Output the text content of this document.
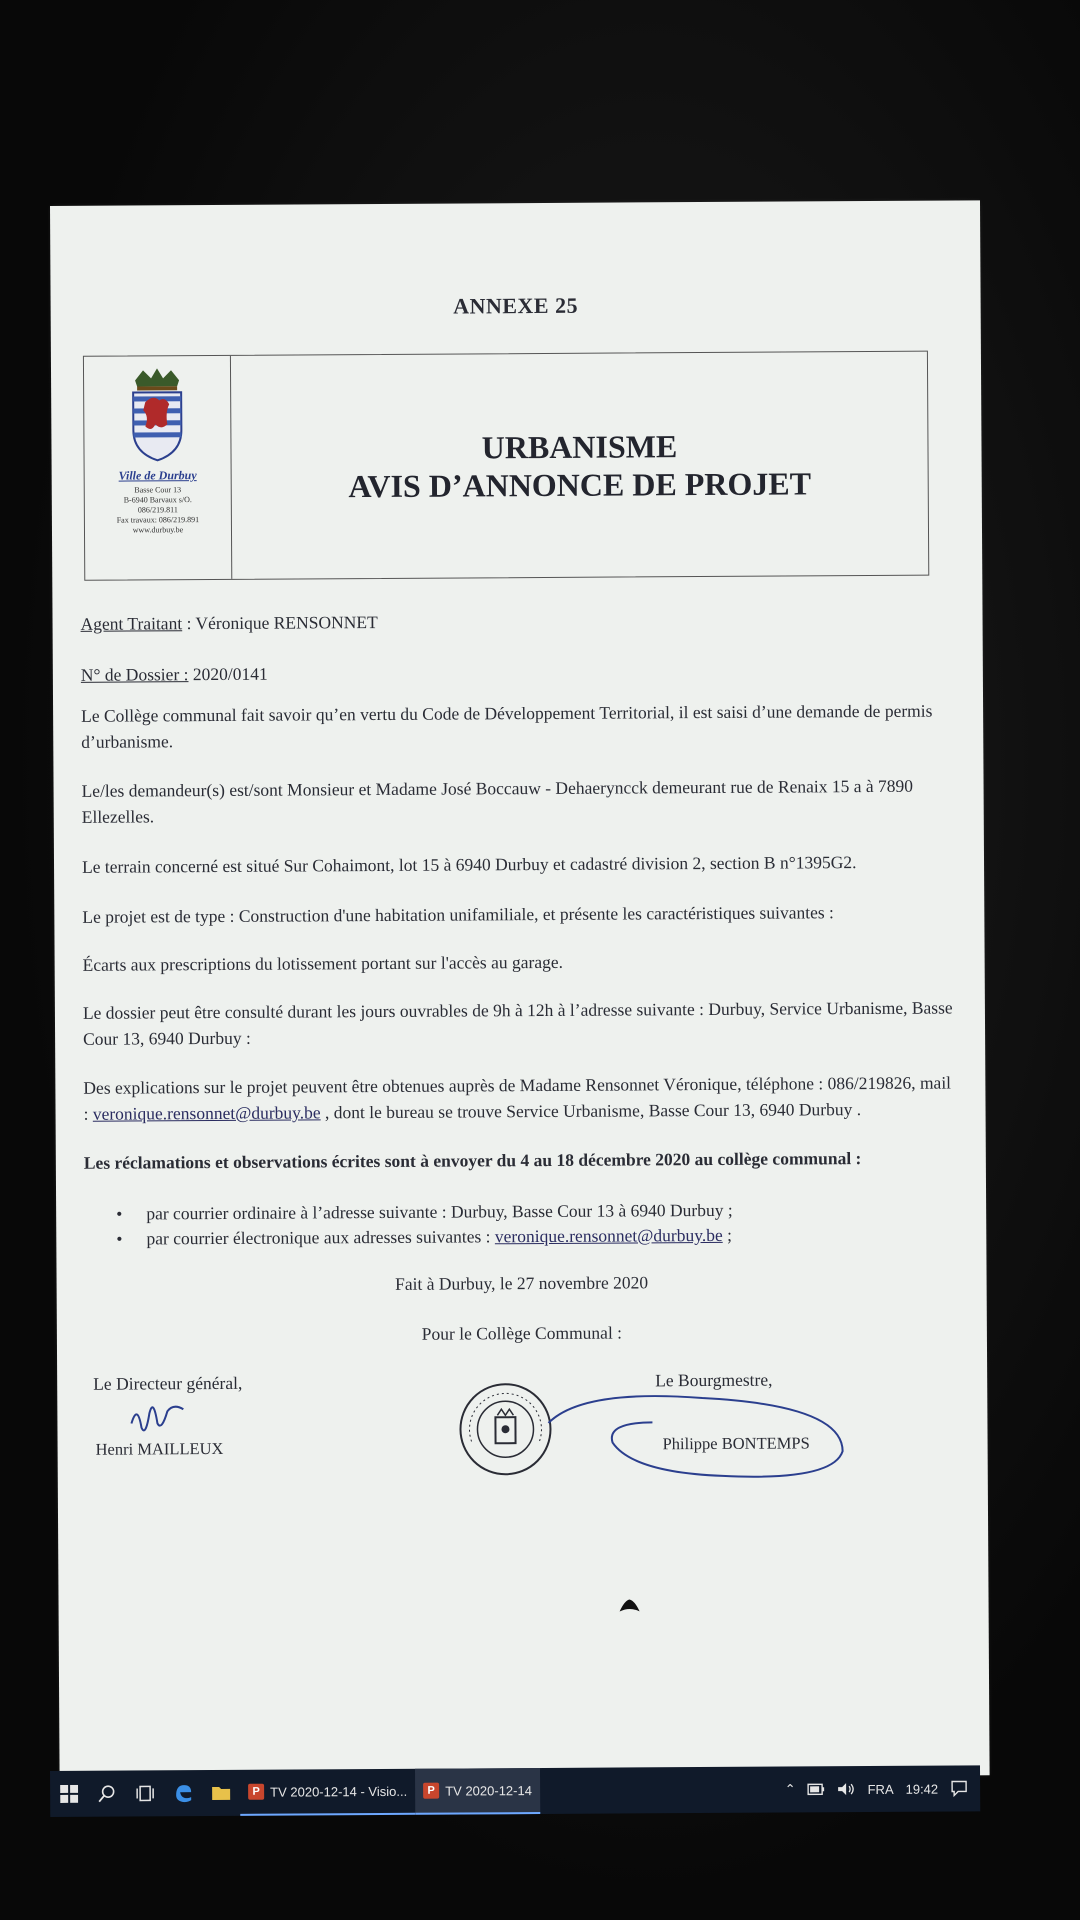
ANNEXE 25
Ville de Durbuy
Basse Cour 13
B-6940 Barvaux s/O.
086/219.811
Fax travaux: 086/219.891
www.durbuy.be
URBANISME
AVIS D’ANNONCE DE PROJET
Agent Traitant : Véronique RENSONNET
N° de Dossier : 2020/0141
Le Collège communal fait savoir qu’en vertu du Code de Développement Territorial, il est saisi d’une demande de permis d’urbanisme.
Le/les demandeur(s) est/sont Monsieur et Madame José Boccauw - Dehaeryncck demeurant rue de Renaix 15 a à 7890 Ellezelles.
Le terrain concerné est situé Sur Cohaimont, lot 15 à 6940 Durbuy et cadastré division 2, section B n°1395G2.
Le projet est de type : Construction d'une habitation unifamiliale, et présente les caractéristiques suivantes :
Écarts aux prescriptions du lotissement portant sur l'accès au garage.
Le dossier peut être consulté durant les jours ouvrables de 9h à 12h à l’adresse suivante : Durbuy, Service Urbanisme, Basse Cour 13, 6940 Durbuy :
Des explications sur le projet peuvent être obtenues auprès de Madame Rensonnet Véronique, téléphone : 086/219826, mail : veronique.rensonnet@durbuy.be , dont le bureau se trouve Service Urbanisme, Basse Cour 13, 6940 Durbuy .
Les réclamations et observations écrites sont à envoyer du 4 au 18 décembre 2020 au collège communal :
• par courrier ordinaire à l’adresse suivante : Durbuy, Basse Cour 13 à 6940 Durbuy ;
• par courrier électronique aux adresses suivantes : veronique.rensonnet@durbuy.be ;
Fait à Durbuy, le 27 novembre 2020
Pour le Collège Communal :
Le Directeur général,
Henri MAILLEUX
Le Bourgmestre,
Philippe BONTEMPS
P TV 2020-12-14 - Visio...	P TV 2020-12-14	⌃	FRA 19:42
